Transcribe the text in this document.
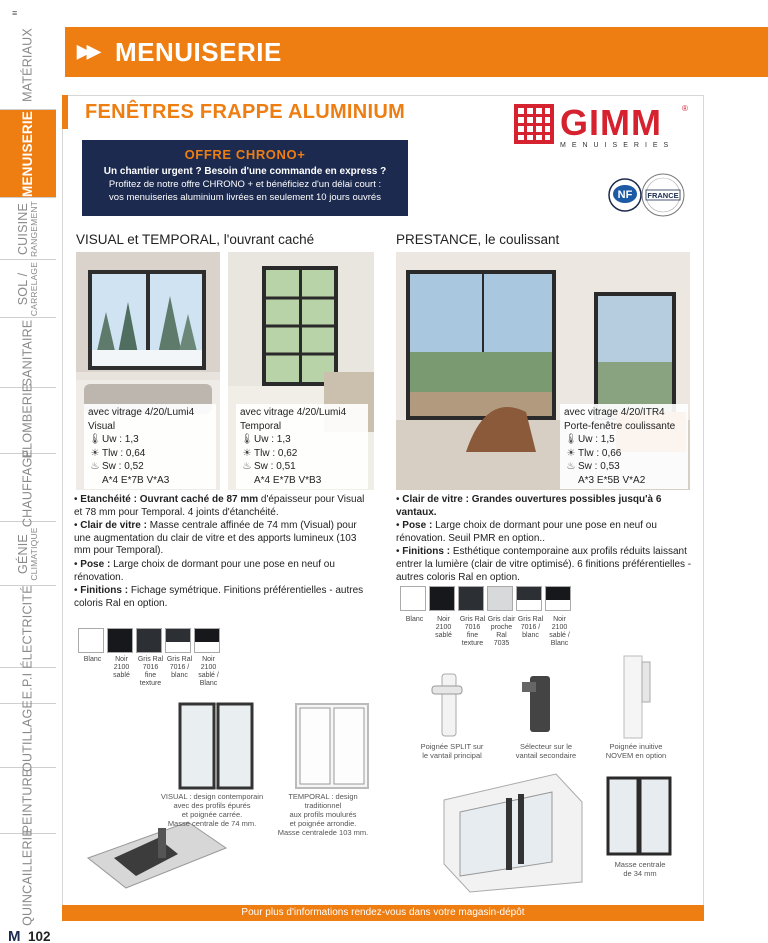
≡
MATÉRIAUX
MENUISERIE
CUISINE RANGEMENT
SOL / CARRELAGE
SANITAIRE
PLOMBERIE
CHAUFFAGE
GÉNIE CLIMATIQUE
ÉLECTRICITÉ
E.P.I
OUTILLAGE
PEINTURE
QUINCAILLERIE
▶▶ MENUISERIE
FENÊTRES FRAPPE ALUMINIUM
OFFRE CHRONO+
Un chantier urgent ? Besoin d'une commande en express ?
Profitez de notre offre CHRONO + et bénéficiez d'un délai court :
vos menuiseries aluminium livrées en seulement 10 jours ouvrés
GIMM
MENUISERIES
®
NF FRANCE
VISUAL et TEMPORAL, l'ouvrant caché
avec vitrage 4/20/Lumi4
Visual
🌡 Uw : 1,3
☀ Tlw : 0,64
♨ Sw : 0,52
A*4 E*7B V*A3
avec vitrage 4/20/Lumi4
Temporal
🌡 Uw : 1,3
☀ Tlw : 0,62
♨ Sw : 0,51
A*4 E*7B V*B3
• Etanchéité : Ouvrant caché de 87 mm d'épaisseur pour Visual et 78 mm pour Temporal. 4 joints d'étanchéité.
• Clair de vitre : Masse centrale affinée de 74 mm (Visual) pour une augmentation du clair de vitre et des apports lumineux (103 mm pour Temporal).
• Pose : Large choix de dormant pour une pose en neuf ou rénovation.
• Finitions : Fichage symétrique. Finitions préférentielles - autres coloris Ral en option.
Blanc	Noir
2100
sablé
Gris Ral
7016
fine
texture
Gris Ral
7016 /
blanc
Noir
2100
sablé /
Blanc
VISUAL : design contemporain
avec des profils épurés
et poignée carrée.
Masse centrale de 74 mm.
TEMPORAL : design traditionnel
aux profils moulurés
et poignée arrondie.
Masse centralede 103 mm.
PRESTANCE, le coulissant
avec vitrage 4/20/ITR4
Porte-fenêtre coulissante
🌡 Uw : 1,5
☀ Tlw : 0,66
♨ Sw : 0,53
A*3 E*5B V*A2
• Clair de vitre : Grandes ouvertures possibles jusqu'à 6 vantaux.
• Pose : Large choix de dormant pour une pose en neuf ou rénovation. Seuil PMR en option..
• Finitions : Esthétique contemporaine aux profils réduits laissant entrer la lumière (clair de vitre optimisé). 6 finitions préférentielles - autres coloris Ral en option.
Blanc	Noir
2100
sablé
Gris Ral
7016
fine
texture
Gris clair
proche
Ral
7035
Gris Ral
7016 /
blanc
Noir
2100
sablé /
Blanc
Poignée SPLIT sur
le vantail principal
Sélecteur sur le
vantail secondaire
Poignée inuitive
NOVEM en option
Masse centrale
de 34 mm
Pour plus d'informations rendez-vous dans votre magasin-dépôt
M 102
